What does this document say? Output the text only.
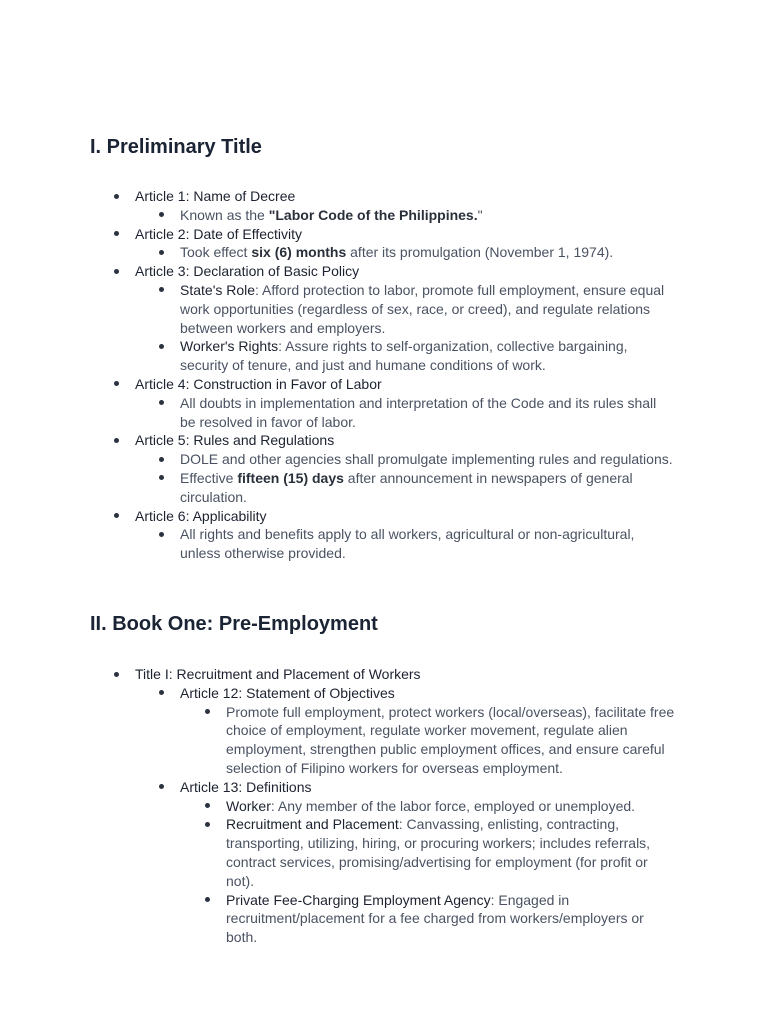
I. Preliminary Title
Article 1: Name of Decree
Known as the "Labor Code of the Philippines."
Article 2: Date of Effectivity
Took effect six (6) months after its promulgation (November 1, 1974).
Article 3: Declaration of Basic Policy
State's Role: Afford protection to labor, promote full employment, ensure equal work opportunities (regardless of sex, race, or creed), and regulate relations between workers and employers.
Worker's Rights: Assure rights to self-organization, collective bargaining, security of tenure, and just and humane conditions of work.
Article 4: Construction in Favor of Labor
All doubts in implementation and interpretation of the Code and its rules shall be resolved in favor of labor.
Article 5: Rules and Regulations
DOLE and other agencies shall promulgate implementing rules and regulations.
Effective fifteen (15) days after announcement in newspapers of general circulation.
Article 6: Applicability
All rights and benefits apply to all workers, agricultural or non-agricultural, unless otherwise provided.
II. Book One: Pre-Employment
Title I: Recruitment and Placement of Workers
Article 12: Statement of Objectives
Promote full employment, protect workers (local/overseas), facilitate free choice of employment, regulate worker movement, regulate alien employment, strengthen public employment offices, and ensure careful selection of Filipino workers for overseas employment.
Article 13: Definitions
Worker: Any member of the labor force, employed or unemployed.
Recruitment and Placement: Canvassing, enlisting, contracting, transporting, utilizing, hiring, or procuring workers; includes referrals, contract services, promising/advertising for employment (for profit or not).
Private Fee-Charging Employment Agency: Engaged in recruitment/placement for a fee charged from workers/employers or both.
